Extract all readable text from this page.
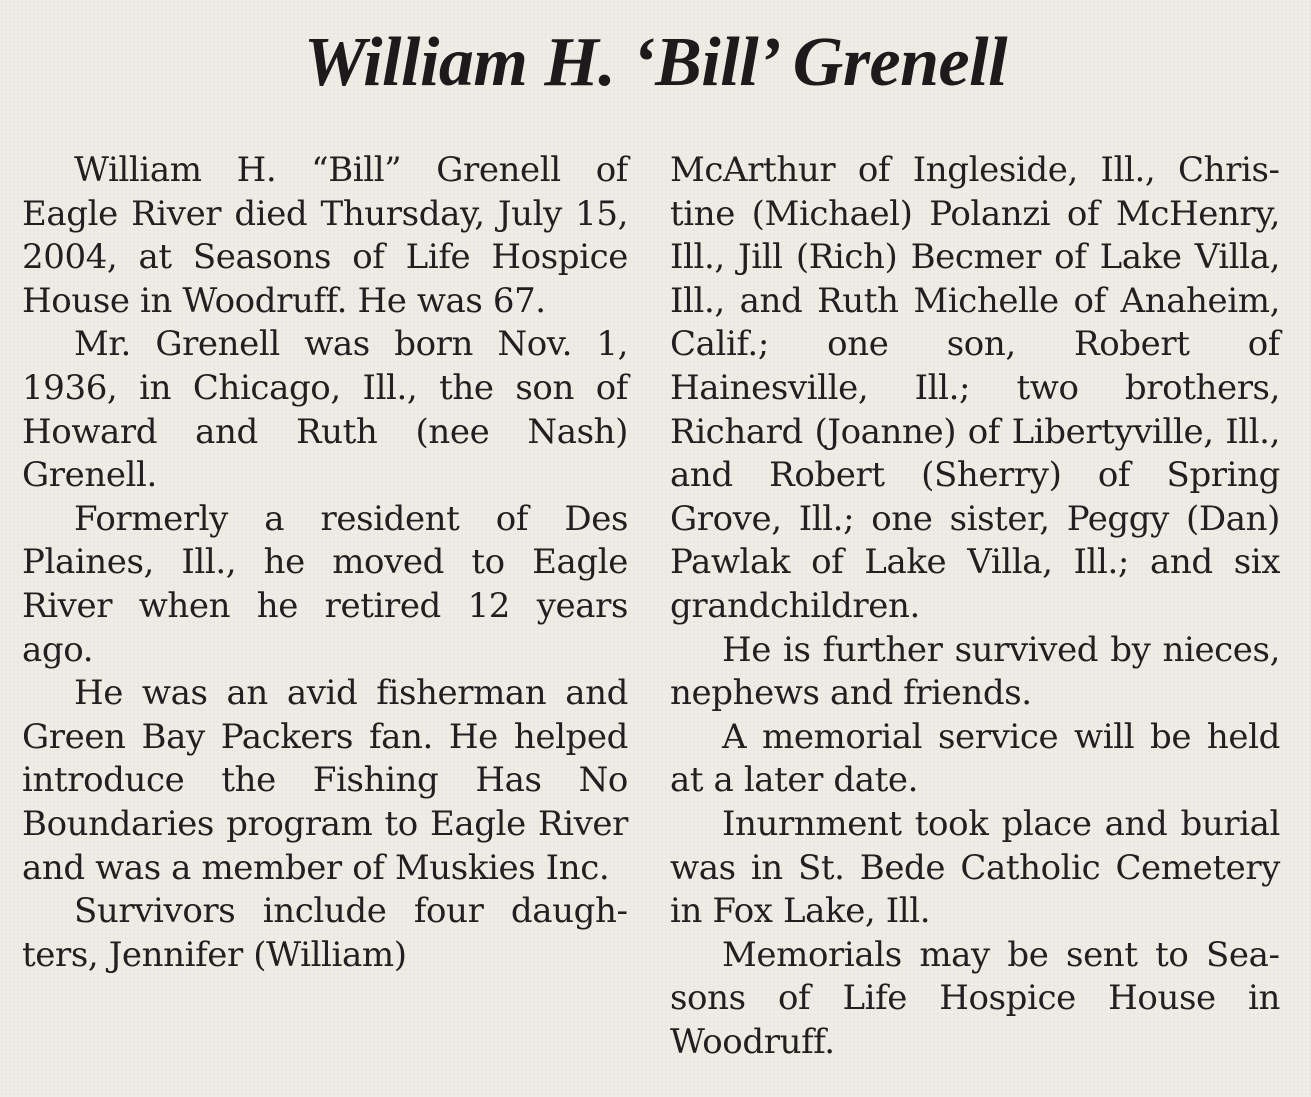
William H. ‘Bill’ Grenell

William H. “Bill” Grenell of Eagle River died Thursday, July 15, 2004, at Seasons of Life Hospice House in Woodruff. He was 67.

Mr. Grenell was born Nov. 1, 1936, in Chicago, Ill., the son of Howard and Ruth (nee Nash) Grenell.

Formerly a resident of Des Plaines, Ill., he moved to Eagle River when he retired 12 years ago.

He was an avid fisherman and Green Bay Packers fan. He helped introduce the Fishing Has No Boundaries program to Eagle River and was a member of Muskies Inc.

Survivors include four daughters, Jennifer (William)

McArthur of Ingleside, Ill., Christine (Michael) Polanzi of McHenry, Ill., Jill (Rich) Becmer of Lake Villa, Ill., and Ruth Michelle of Anaheim, Calif.; one son, Robert of Hainesville, Ill.; two brothers, Richard (Joanne) of Libertyville, Ill., and Robert (Sherry) of Spring Grove, Ill.; one sister, Peggy (Dan) Pawlak of Lake Villa, Ill.; and six grandchildren.

He is further survived by nieces, nephews and friends.

A memorial service will be held at a later date.

Inurnment took place and burial was in St. Bede Catholic Cemetery in Fox Lake, Ill.

Memorials may be sent to Seasons of Life Hospice House in Woodruff.
